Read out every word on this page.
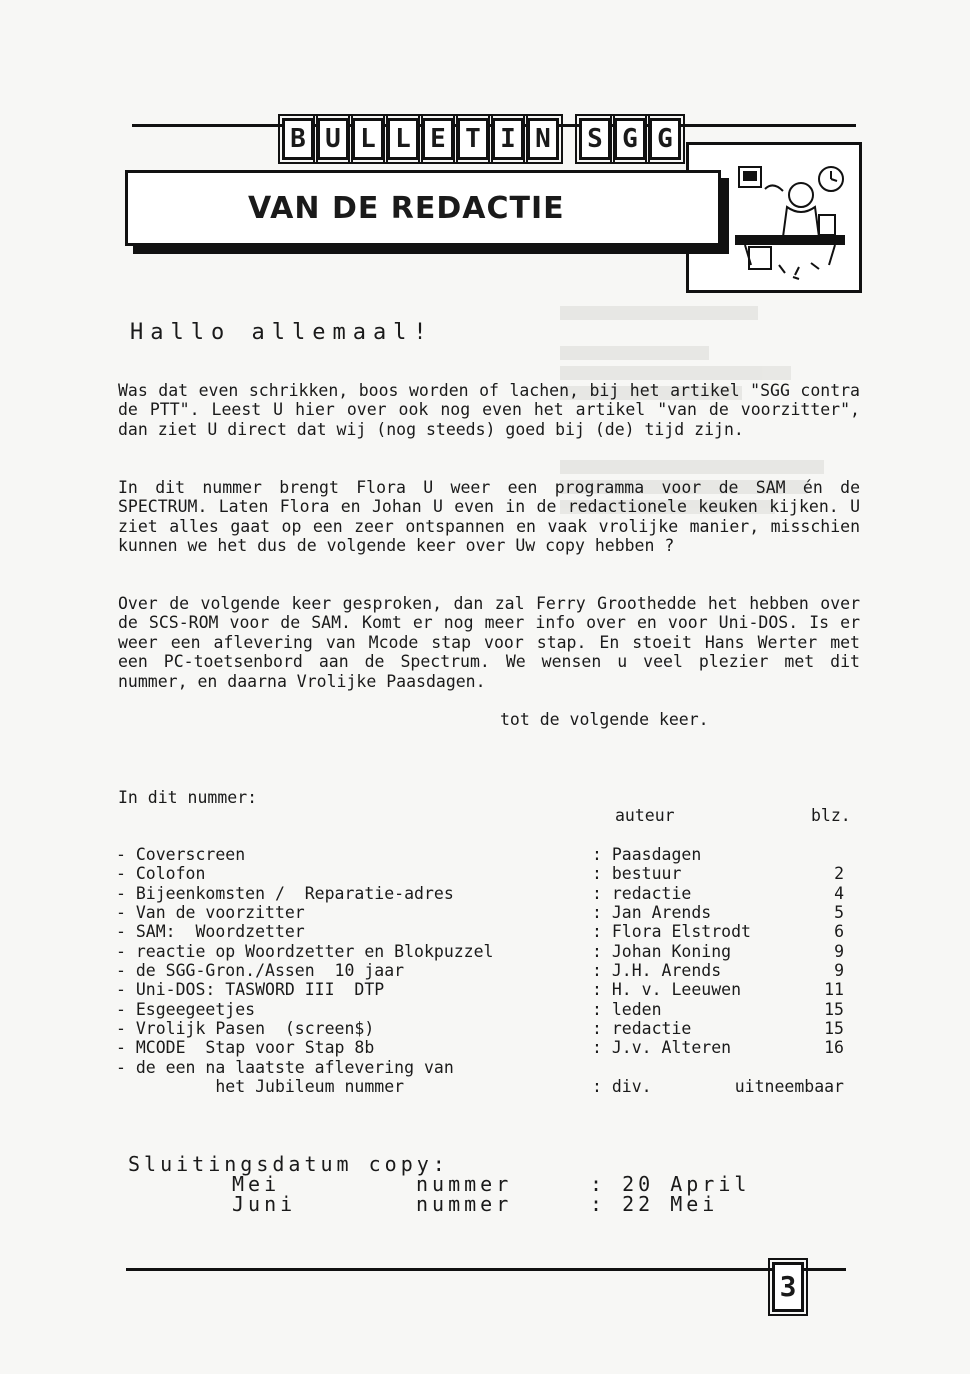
B U L L E T I N	S G G
VAN DE REDACTIE
Hallo allemaal!
Was dat even schrikken, boos worden of lachen, bij het artikel "SGG contra de PTT". Leest U hier over ook nog even het artikel "van de voorzitter", dan ziet U direct dat wij (nog steeds) goed bij (de) tijd zijn.
In dit nummer brengt Flora U weer een programma voor de SAM én de SPECTRUM. Laten Flora en Johan U even in de redactionele keuken kijken. U ziet alles gaat op een zeer ontspannen en vaak vrolijke manier, misschien kunnen we het dus de volgende keer over Uw copy hebben ?
Over de volgende keer gesproken, dan zal Ferry Groothedde het hebben over de SCS-ROM voor de SAM. Komt er nog meer info over en voor Uni-DOS. Is er weer een aflevering van Mcode stap voor stap. En stoeit Hans Werter met een PC-toetsenbord aan de Spectrum. We wensen u veel plezier met dit nummer, en daarna Vrolijke Paasdagen.
tot de volgende keer.
In dit nummer:
auteur	blz.
- Coverscreen	: Paasdagen
- Colofon	: bestuur	2
- Bijeenkomsten /  Reparatie-adres	: redactie	4
- Van de voorzitter	: Jan Arends	5
- SAM:  Woordzetter	: Flora Elstrodt	6
- reactie op Woordzetter en Blokpuzzel	: Johan Koning	9
- de SGG-Gron./Assen  10 jaar	: J.H. Arends	9
- Uni-DOS: TASWORD III  DTP	: H. v. Leeuwen	11
- Esgeegeetjes	: leden	15
- Vrolijk Pasen  (screen$)	: redactie	15
- MCODE  Stap voor Stap 8b	: J.v. Alteren	16
- de een na laatste aflevering van
het Jubileum nummer	: div.	uitneembaar
Sluitingsdatum copy:
Mei	nummer	: 20 April
Juni	nummer	: 22 Mei
3
